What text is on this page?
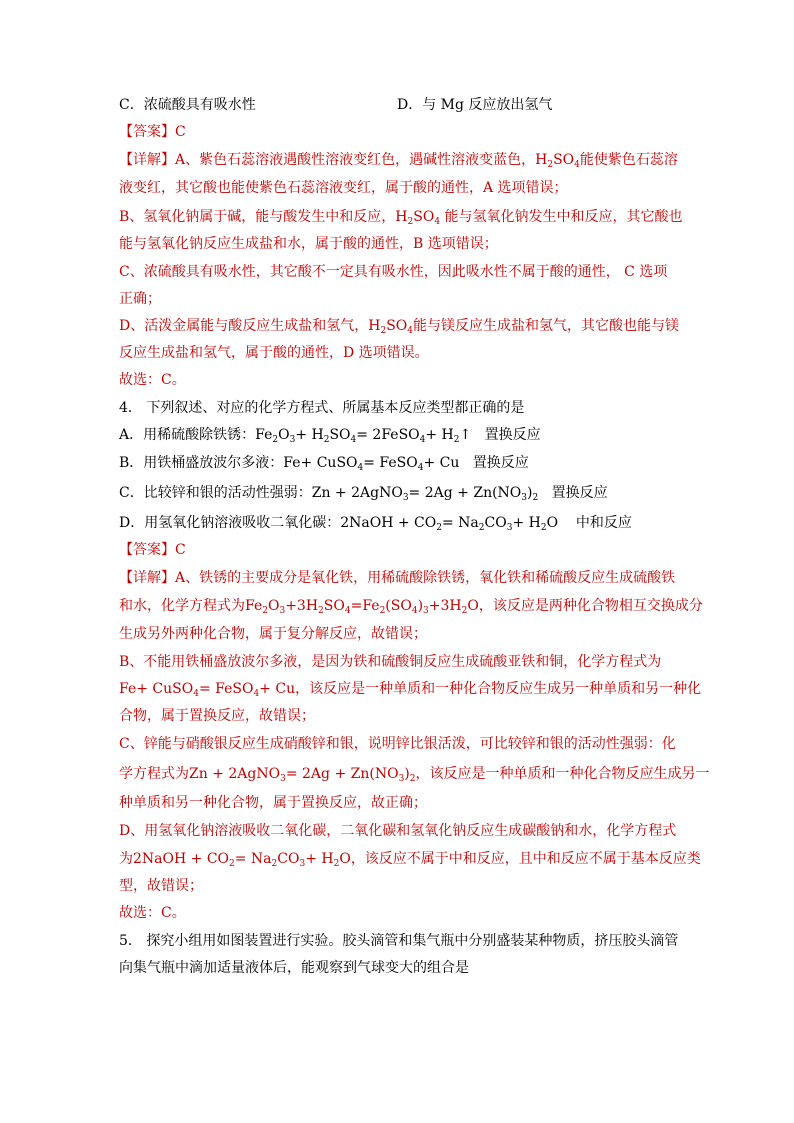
C．浓硫酸具有吸水性	D．与 Mg 反应放出氢气
【答案】C
【详解】A、紫色石蕊溶液遇酸性溶液变红色，遇碱性溶液变蓝色，$H_2SO_4$能使紫色石蕊溶
液变红，其它酸也能使紫色石蕊溶液变红，属于酸的通性，A 选项错误；
B、氢氧化钠属于碱，能与酸发生中和反应，$H_2SO_4$ 能与氢氧化钠发生中和反应，其它酸也
能与氢氧化钠反应生成盐和水，属于酸的通性，B 选项错误；
C、浓硫酸具有吸水性，其它酸不一定具有吸水性，因此吸水性不属于酸的通性， C 选项
正确；
D、活泼金属能与酸反应生成盐和氢气，$H_2SO_4$能与镁反应生成盐和氢气，其它酸也能与镁
反应生成盐和氢气，属于酸的通性，D 选项错误。
故选：C。
4． 下列叙述、对应的化学方程式、所属基本反应类型都正确的是
A．用稀硫酸除铁锈：$Fe_2O_3+ H_2SO_4=$ 2FeSO$_4$+ $H_2↑$   置换反应
B．用铁桶盛放波尔多液：Fe+ CuSO$_4$= FeSO$_4$+ Cu   置换反应
C．比较锌和银的活动性强弱：Zn + 2AgNO$_3$= $2Ag + Zn(NO_3)_2$ 置换反应
D．用氢氧化钠溶液吸收二氧化碳：2NaOH + $CO_2= Na_2CO_3+ H_2O$    中和反应
【答案】C
【详解】A、铁锈的主要成分是氧化铁，用稀硫酸除铁锈，氧化铁和稀硫酸反应生成硫酸铁
和水，化学方程式为$Fe_2O_3+3H_2SO_4=Fe_2(SO_4)_3+3H_2O$，该反应是两种化合物相互交换成分
生成另外两种化合物，属于复分解反应，故错误；
B、不能用铁桶盛放波尔多液，是因为铁和硫酸铜反应生成硫酸亚铁和铜，化学方程式为
Fe+ CuSO$_4$= FeSO$_4$+ Cu，该反应是一种单质和一种化合物反应生成另一种单质和另一种化
合物，属于置换反应，故错误；
C、锌能与硝酸银反应生成硝酸锌和银，说明锌比银活泼，可比较锌和银的活动性强弱：化
学方程式为Zn + 2AgNO$_3$= $2Ag + Zn(NO_3)_2$，该反应是一种单质和一种化合物反应生成另一
种单质和另一种化合物，属于置换反应，故正确；
D、用氢氧化钠溶液吸收二氧化碳，二氧化碳和氢氧化钠反应生成碳酸钠和水，化学方程式
为2NaOH + $CO_2= Na_2CO_3+ H_2O$，该反应不属于中和反应，且中和反应不属于基本反应类
型，故错误；
故选：C。
5． 探究小组用如图装置进行实验。胶头滴管和集气瓶中分别盛装某种物质，挤压胶头滴管
向集气瓶中滴加适量液体后，能观察到气球变大的组合是
